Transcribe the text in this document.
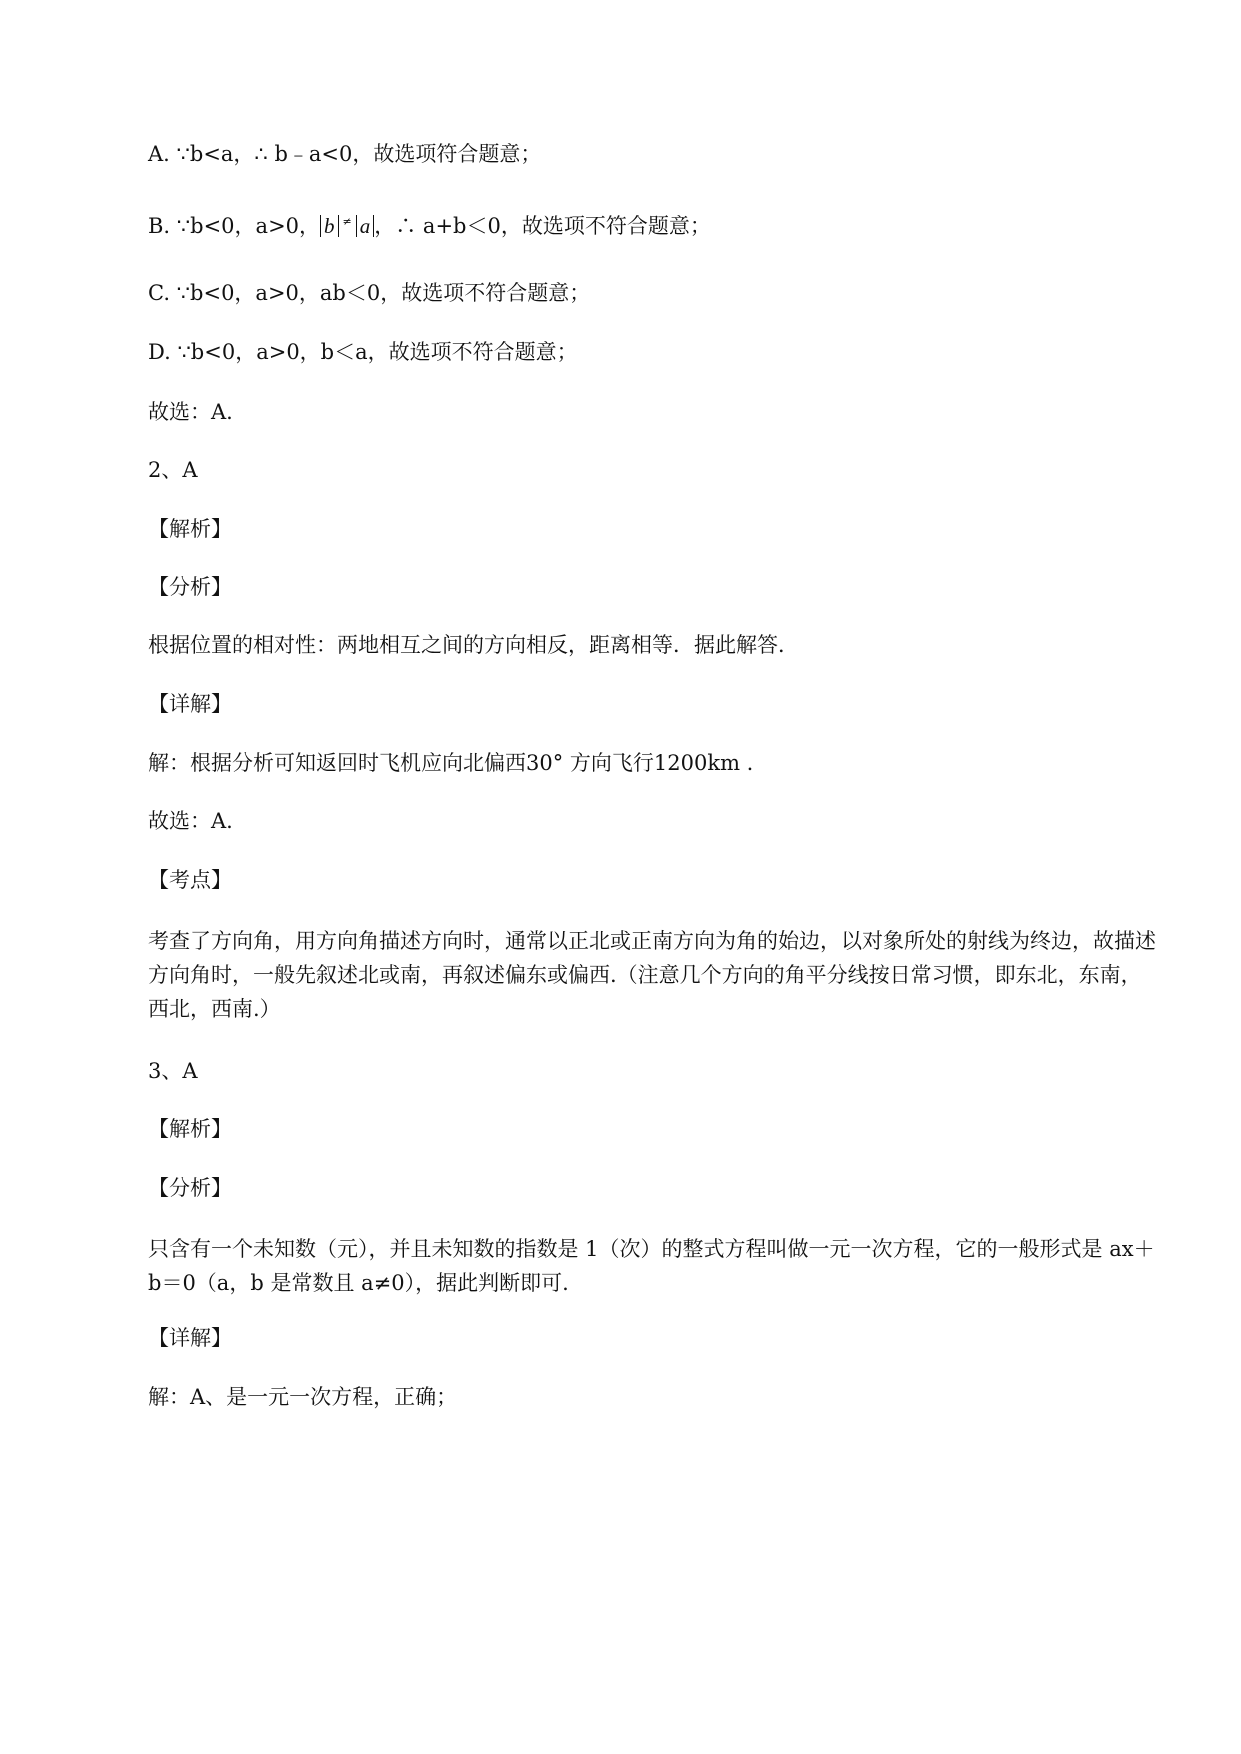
A. ∵b<a，∴ b﹣a<0，故选项符合题意；
B. ∵b<0，a>0， b ≠ a ，∴ a+b＜0，故选项不符合题意；
C. ∵b<0，a>0，ab＜0，故选项不符合题意；
D. ∵b<0，a>0，b＜a，故选项不符合题意；
故选：A.
2、A
【解析】
【分析】
根据位置的相对性：两地相互之间的方向相反，距离相等．据此解答．
【详解】
解：根据分析可知返回时飞机应向北偏西30° 方向飞行1200km .
故选：A.
【考点】
考查了方向角，用方向角描述方向时，通常以正北或正南方向为角的始边，以对象所处的射线为终边，故描述方向角时，一般先叙述北或南，再叙述偏东或偏西.（注意几个方向的角平分线按日常习惯，即东北，东南，西北，西南.）
3、A
【解析】
【分析】
只含有一个未知数（元），并且未知数的指数是 1（次）的整式方程叫做一元一次方程，它的一般形式是 ax＋b＝0（a，b 是常数且 a≠0），据此判断即可.
【详解】
解：A、是一元一次方程，正确；
